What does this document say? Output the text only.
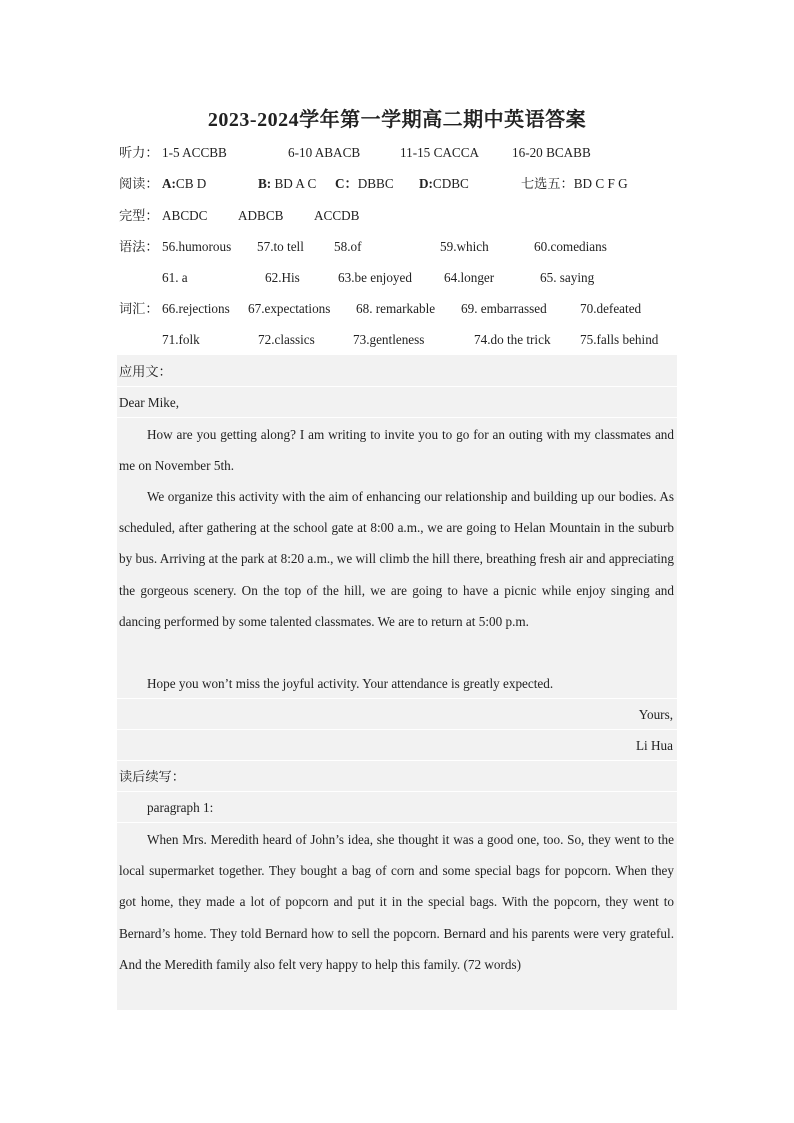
2023-2024学年第一学期高二期中英语答案
听力： 1-5 ACCBB	6-10 ABACB	11-15 CACCA 16-20 BCABB
阅读： A:CB D	B: BD A C C：DBBC D:CDBC	七选五：BD C F G
完型： ABCDC ADBCB ACCDB
语法： 56.humorous 57.to tell 58.of	59.which	60.comedians
61. a	62.His	63.be enjoyed 64.longer	65. saying
词汇： 66.rejections 67.expectations 68. remarkable 69. embarrassed	70.defeated
71.folk	72.classics	73.gentleness	74.do the trick 75.falls behind
应用文：
Dear Mike,

How are you getting along? I am writing to invite you to go for an outing with my classmates and me on November 5th.

We organize this activity with the aim of enhancing our relationship and building up our bodies. As scheduled, after gathering at the school gate at 8:00 a.m., we are going to Helan Mountain in the suburb by bus. Arriving at the park at 8:20 a.m., we will climb the hill there, breathing fresh air and appreciating the gorgeous scenery. On the top of the hill, we are going to have a picnic while enjoy singing and dancing performed by some talented classmates. We are to return at 5:00 p.m.

Hope you won’t miss the joyful activity. Your attendance is greatly expected.
Yours,
Li Hua
读后续写：
paragraph 1:

When Mrs. Meredith heard of John’s idea, she thought it was a good one, too. So, they went to the local supermarket together. They bought a bag of corn and some special bags for popcorn. When they got home, they made a lot of popcorn and put it in the special bags. With the popcorn, they went to Bernard’s home. They told Bernard how to sell the popcorn. Bernard and his parents were very grateful. And the Meredith family also felt very happy to help this family. (72 words)
